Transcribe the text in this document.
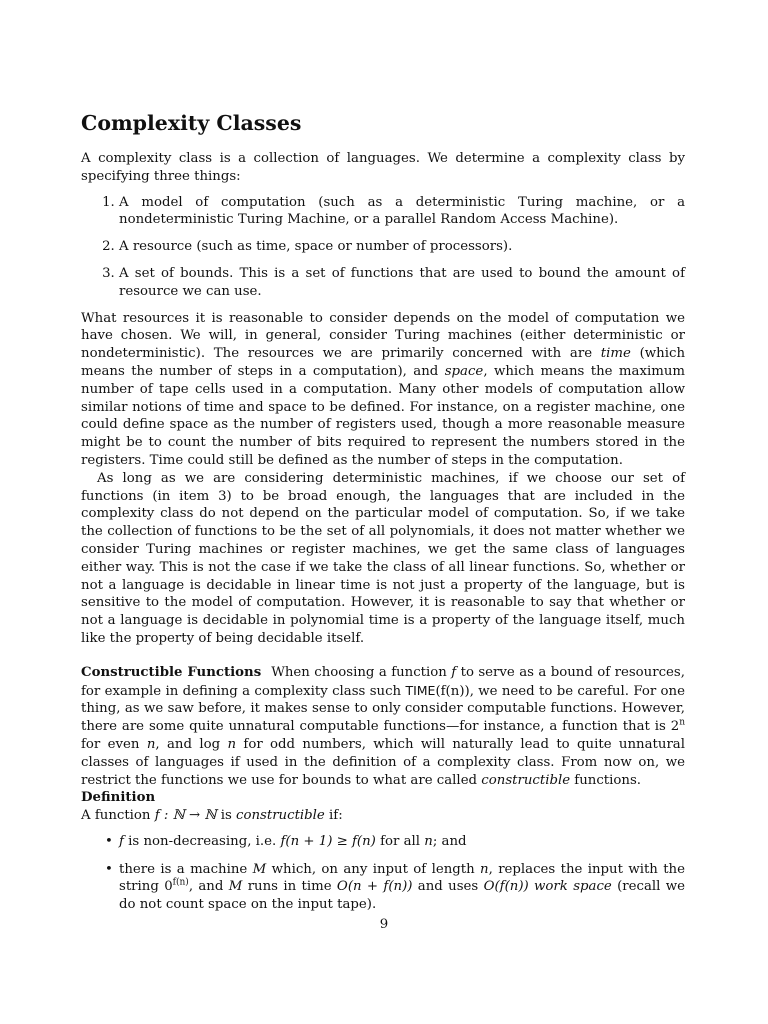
Complexity Classes

A complexity class is a collection of languages. We determine a complexity class by specifying three things:

1. A model of computation (such as a deterministic Turing machine, or a nondeterministic Turing Machine, or a parallel Random Access Machine).
2. A resource (such as time, space or number of processors).
3. A set of bounds. This is a set of functions that are used to bound the amount of resource we can use.

What resources it is reasonable to consider depends on the model of computation we have chosen. We will, in general, consider Turing machines (either deterministic or nondeterministic). The resources we are primarily concerned with are time (which means the number of steps in a computation), and space, which means the maximum number of tape cells used in a computation. Many other models of computation allow similar notions of time and space to be defined. For instance, on a register machine, one could define space as the number of registers used, though a more reasonable measure might be to count the number of bits required to represent the numbers stored in the registers. Time could still be defined as the number of steps in the computation.

As long as we are considering deterministic machines, if we choose our set of functions (in item 3) to be broad enough, the languages that are included in the complexity class do not depend on the particular model of computation. So, if we take the collection of functions to be the set of all polynomials, it does not matter whether we consider Turing machines or register machines, we get the same class of languages either way. This is not the case if we take the class of all linear functions. So, whether or not a language is decidable in linear time is not just a property of the language, but is sensitive to the model of computation. However, it is reasonable to say that whether or not a language is decidable in polynomial time is a property of the language itself, much like the property of being decidable itself.

Constructible Functions When choosing a function f to serve as a bound of resources, for example in defining a complexity class such TIME(f(n)), we need to be careful. For one thing, as we saw before, it makes sense to only consider computable functions. However, there are some quite unnatural computable functions—for instance, a function that is 2$^n$ for even n, and log n for odd numbers, which will naturally lead to quite unnatural classes of languages if used in the definition of a complexity class. From now on, we restrict the functions we use for bounds to what are called constructible functions.

Definition

A function f : ℕ → ℕ is constructible if:

• f is non-decreasing, i.e. f(n + 1) ≥ f(n) for all n; and
• there is a machine M which, on any input of length n, replaces the input with the string $0^{f(n)}$, and M runs in time O(n + f(n)) and uses O(f(n)) work space (recall we do not count space on the input tape).
9
